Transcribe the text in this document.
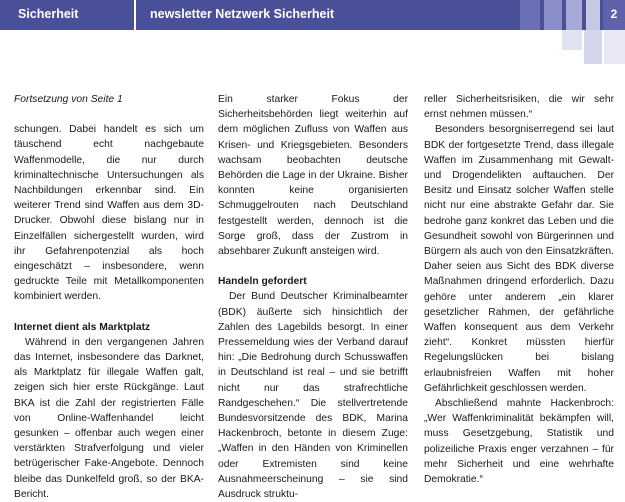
Sicherheit	newsletter Netzwerk Sicherheit	2

Fortsetzung von Seite 1

schungen. Dabei handelt es sich um täuschend echt nachgebaute Waffenmodelle, die nur durch kriminaltechnische Untersuchungen als Nachbildungen erkennbar sind. Ein weiterer Trend sind Waffen aus dem 3D-Drucker. Obwohl diese bislang nur in Einzelfällen sichergestellt wurden, wird ihr Gefahrenpotenzial als hoch eingeschätzt – insbesondere, wenn gedruckte Teile mit Metallkomponenten kombiniert werden.

Internet dient als Marktplatz

Während in den vergangenen Jahren das Internet, insbesondere das Darknet, als Marktplatz für illegale Waffen galt, zeigen sich hier erste Rückgänge. Laut BKA ist die Zahl der registrierten Fälle von Online-Waffenhandel leicht gesunken – offenbar auch wegen einer verstärkten Strafverfolgung und vieler betrügerischer Fake-Angebote. Dennoch bleibe das Dunkelfeld groß, so der BKA-Bericht.

Ein starker Fokus der Sicherheitsbehörden liegt weiterhin auf dem möglichen Zufluss von Waffen aus Krisen- und Kriegsgebieten. Besonders wachsam beobachten deutsche Behörden die Lage in der Ukraine. Bisher konnten keine organisierten Schmuggelrouten nach Deutschland festgestellt werden, dennoch ist die Sorge groß, dass der Zustrom in absehbarer Zukunft ansteigen wird.

Handeln gefordert

Der Bund Deutscher Kriminalbeamter (BDK) äußerte sich hinsichtlich der Zahlen des Lagebilds besorgt. In einer Pressemeldung wies der Verband darauf hin: „Die Bedrohung durch Schusswaffen in Deutschland ist real – und sie betrifft nicht nur das strafrechtliche Randgeschehen.“ Die stellvertretende Bundesvorsitzende des BDK, Marina Hackenbroch, betonte in diesem Zuge: „Waffen in den Händen von Kriminellen oder Extremisten sind keine Ausnahmeerscheinung – sie sind Ausdruck struktu-

reller Sicherheitsrisiken, die wir sehr ernst nehmen müssen.“

Besonders besorgniserregend sei laut BDK der fortgesetzte Trend, dass illegale Waffen im Zusammenhang mit Gewalt- und Drogendelikten auftauchen. Der Besitz und Einsatz solcher Waffen stelle nicht nur eine abstrakte Gefahr dar. Sie bedrohe ganz konkret das Leben und die Gesundheit sowohl von Bürgerinnen und Bürgern als auch von den Einsatzkräften. Daher seien aus Sicht des BDK diverse Maßnahmen dringend erforderlich. Dazu gehöre unter anderem „ein klarer gesetzlicher Rahmen, der gefährliche Waffen konsequent aus dem Verkehr zieht“. Konkret müssten hierfür Regelungslücken bei bislang erlaubnisfreien Waffen mit hoher Gefährlichkeit geschlossen werden.

Abschließend mahnte Hackenbroch: „Wer Waffenkriminalität bekämpfen will, muss Gesetzgebung, Statistik und polizeiliche Praxis enger verzahnen – für mehr Sicherheit und eine wehrhafte Demokratie.“
